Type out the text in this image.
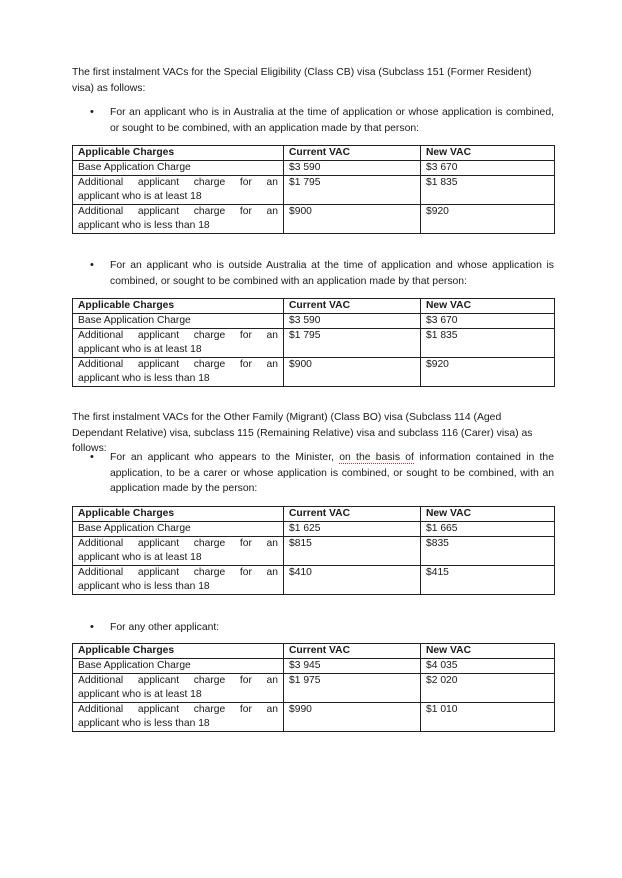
The first instalment VACs for the Special Eligibility (Class CB) visa (Subclass 151 (Former Resident) visa) as follows:

• For an applicant who is in Australia at the time of application or whose application is combined, or sought to be combined, with an application made by that person:
Applicable Charges	Current VAC	New VAC
Base Application Charge	$3 590	$3 670

Additional applicant charge for an
applicant who is at least 18	$1 795	$1 835

Additional applicant charge for an
applicant who is less than 18	$900	$920
• For an applicant who is outside Australia at the time of application and whose application is combined, or sought to be combined with an application made by that person:
Applicable Charges	Current VAC	New VAC
Base Application Charge	$3 590	$3 670

Additional applicant charge for an
applicant who is at least 18	$1 795	$1 835

Additional applicant charge for an
applicant who is less than 18	$900	$920

The first instalment VACs for the Other Family (Migrant) (Class BO) visa (Subclass 114 (Aged Dependant Relative) visa, subclass 115 (Remaining Relative) visa and subclass 116 (Carer) visa) as follows:

• For an applicant who appears to the Minister, on the basis of information contained in the application, to be a carer or whose application is combined, or sought to be combined, with an application made by the person:
Applicable Charges	Current VAC	New VAC
Base Application Charge	$1 625	$1 665

Additional applicant charge for an
applicant who is at least 18	$815	$835

Additional applicant charge for an
applicant who is less than 18	$410	$415
• For any other applicant:
Applicable Charges	Current VAC	New VAC
Base Application Charge	$3 945	$4 035

Additional applicant charge for an
applicant who is at least 18	$1 975	$2 020

Additional applicant charge for an
applicant who is less than 18	$990	$1 010
